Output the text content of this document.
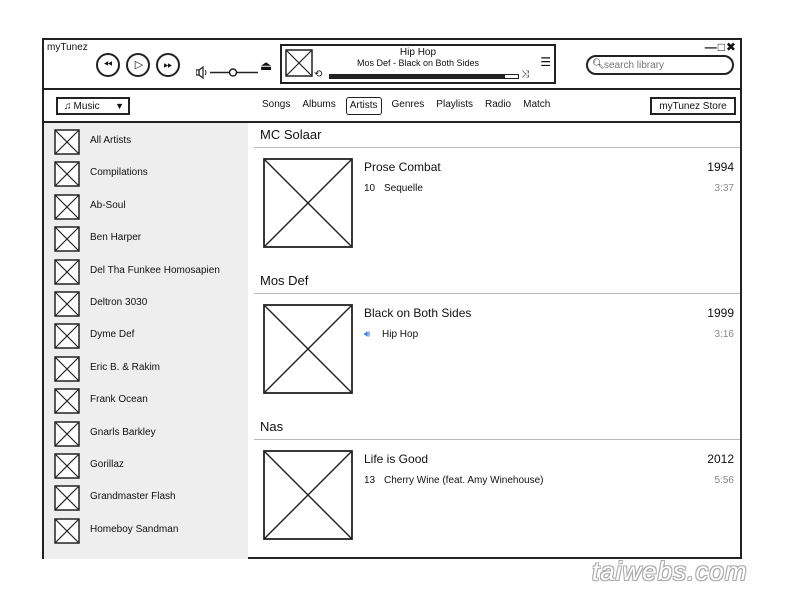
myTunez	—□✖
⏪︎ ▷ ⏩︎	⏏︎
Hip Hop
Mos Def - Black on Both Sides
⟲	⤨
☰	🔍︎
search library
♫ Music ▼	Songs Albums	Artists	Genres Playlists Radio Match	myTunez Store
All Artists
Compilations
Ab-Soul
Ben Harper
Del Tha Funkee Homosapien
Deltron 3030
Dyme Def
Eric B. & Rakim
Frank Ocean
Gnarls Barkley
Gorillaz
Grandmaster Flash
Homeboy Sandman
MC Solaar
Prose Combat	1994
10 Sequelle	3:37
Mos Def
Black on Both Sides	1999
🔊︎ Hip Hop	3:16
Nas
Life is Good	2012
13 Cherry Wine (feat. Amy Winehouse)	5:56
taiwebs.com
